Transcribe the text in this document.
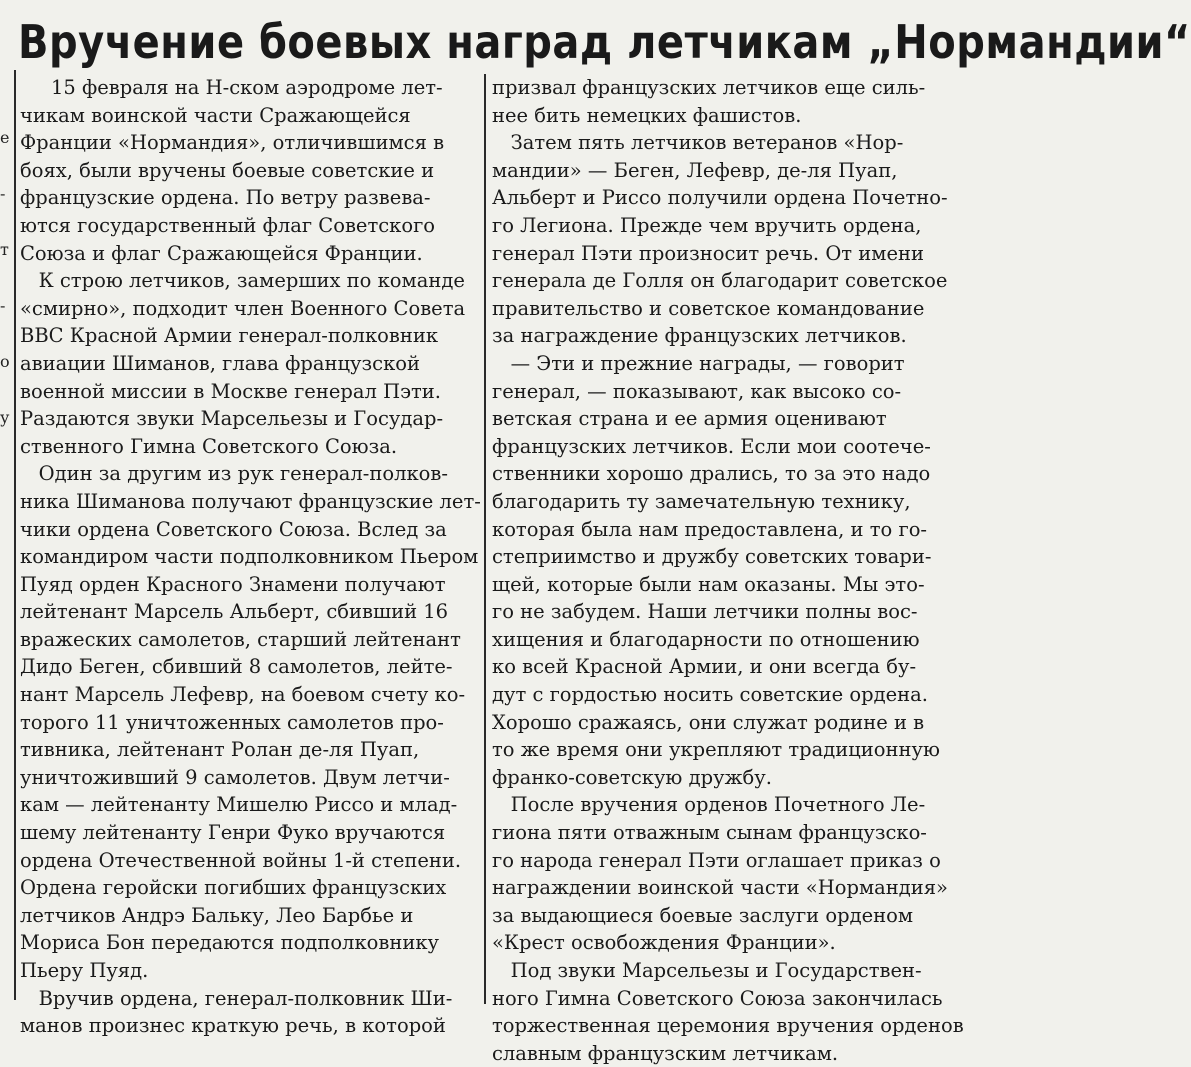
е
-
т
-
о
у
Вручение боевых наград летчикам „Нормандии“
15 февраля на Н-ском аэродроме лет-
чикам воинской части Сражающейся
Франции «Нормандия», отличившимся в
боях, были вручены боевые советские и
французские ордена. По ветру развева-
ются государственный флаг Советского
Союза и флаг Сражающейся Франции.
К строю летчиков, замерших по команде
«смирно», подходит член Военного Совета
ВВС Красной Армии генерал-полковник
авиации Шиманов, глава французской
военной миссии в Москве генерал Пэти.
Раздаются звуки Марсельезы и Государ-
ственного Гимна Советского Союза.
Один за другим из рук генерал-полков-
ника Шиманова получают французские лет-
чики ордена Советского Союза. Вслед за
командиром части подполковником Пьером
Пуяд орден Красного Знамени получают
лейтенант Марсель Альберт, сбивший 16
вражеских самолетов, старший лейтенант
Дидо Беген, сбивший 8 самолетов, лейте-
нант Марсель Лефевр, на боевом счету ко-
торого 11 уничтоженных самолетов про-
тивника, лейтенант Ролан де-ля Пуап,
уничтоживший 9 самолетов. Двум летчи-
кам — лейтенанту Мишелю Риссо и млад-
шему лейтенанту Генри Фуко вручаются
ордена Отечественной войны 1-й степени.
Ордена геройски погибших французских
летчиков Андрэ Бальку, Лео Барбье и
Мориса Бон передаются подполковнику
Пьеру Пуяд.
Вручив ордена, генерал-полковник Ши-
манов произнес краткую речь, в которой
призвал французских летчиков еще силь-
нее бить немецких фашистов.
Затем пять летчиков ветеранов «Нор-
мандии» — Беген, Лефевр, де-ля Пуап,
Альберт и Риссо получили ордена Почетно-
го Легиона. Прежде чем вручить ордена,
генерал Пэти произносит речь. От имени
генерала де Голля он благодарит советское
правительство и советское командование
за награждение французских летчиков.
— Эти и прежние награды, — говорит
генерал, — показывают, как высоко со-
ветская страна и ее армия оценивают
французских летчиков. Если мои соотече-
ственники хорошо дрались, то за это надо
благодарить ту замечательную технику,
которая была нам предоставлена, и то го-
степриимство и дружбу советских товари-
щей, которые были нам оказаны. Мы это-
го не забудем. Наши летчики полны вос-
хищения и благодарности по отношению
ко всей Красной Армии, и они всегда бу-
дут с гордостью носить советские ордена.
Хорошо сражаясь, они служат родине и в
то же время они укрепляют традиционную
франко-советскую дружбу.
После вручения орденов Почетного Ле-
гиона пяти отважным сынам французско-
го народа генерал Пэти оглашает приказ о
награждении воинской части «Нормандия»
за выдающиеся боевые заслуги орденом
«Крест освобождения Франции».
Под звуки Марсельезы и Государствен-
ного Гимна Советского Союза закончилась
торжественная церемония вручения орденов
славным французским летчикам.
